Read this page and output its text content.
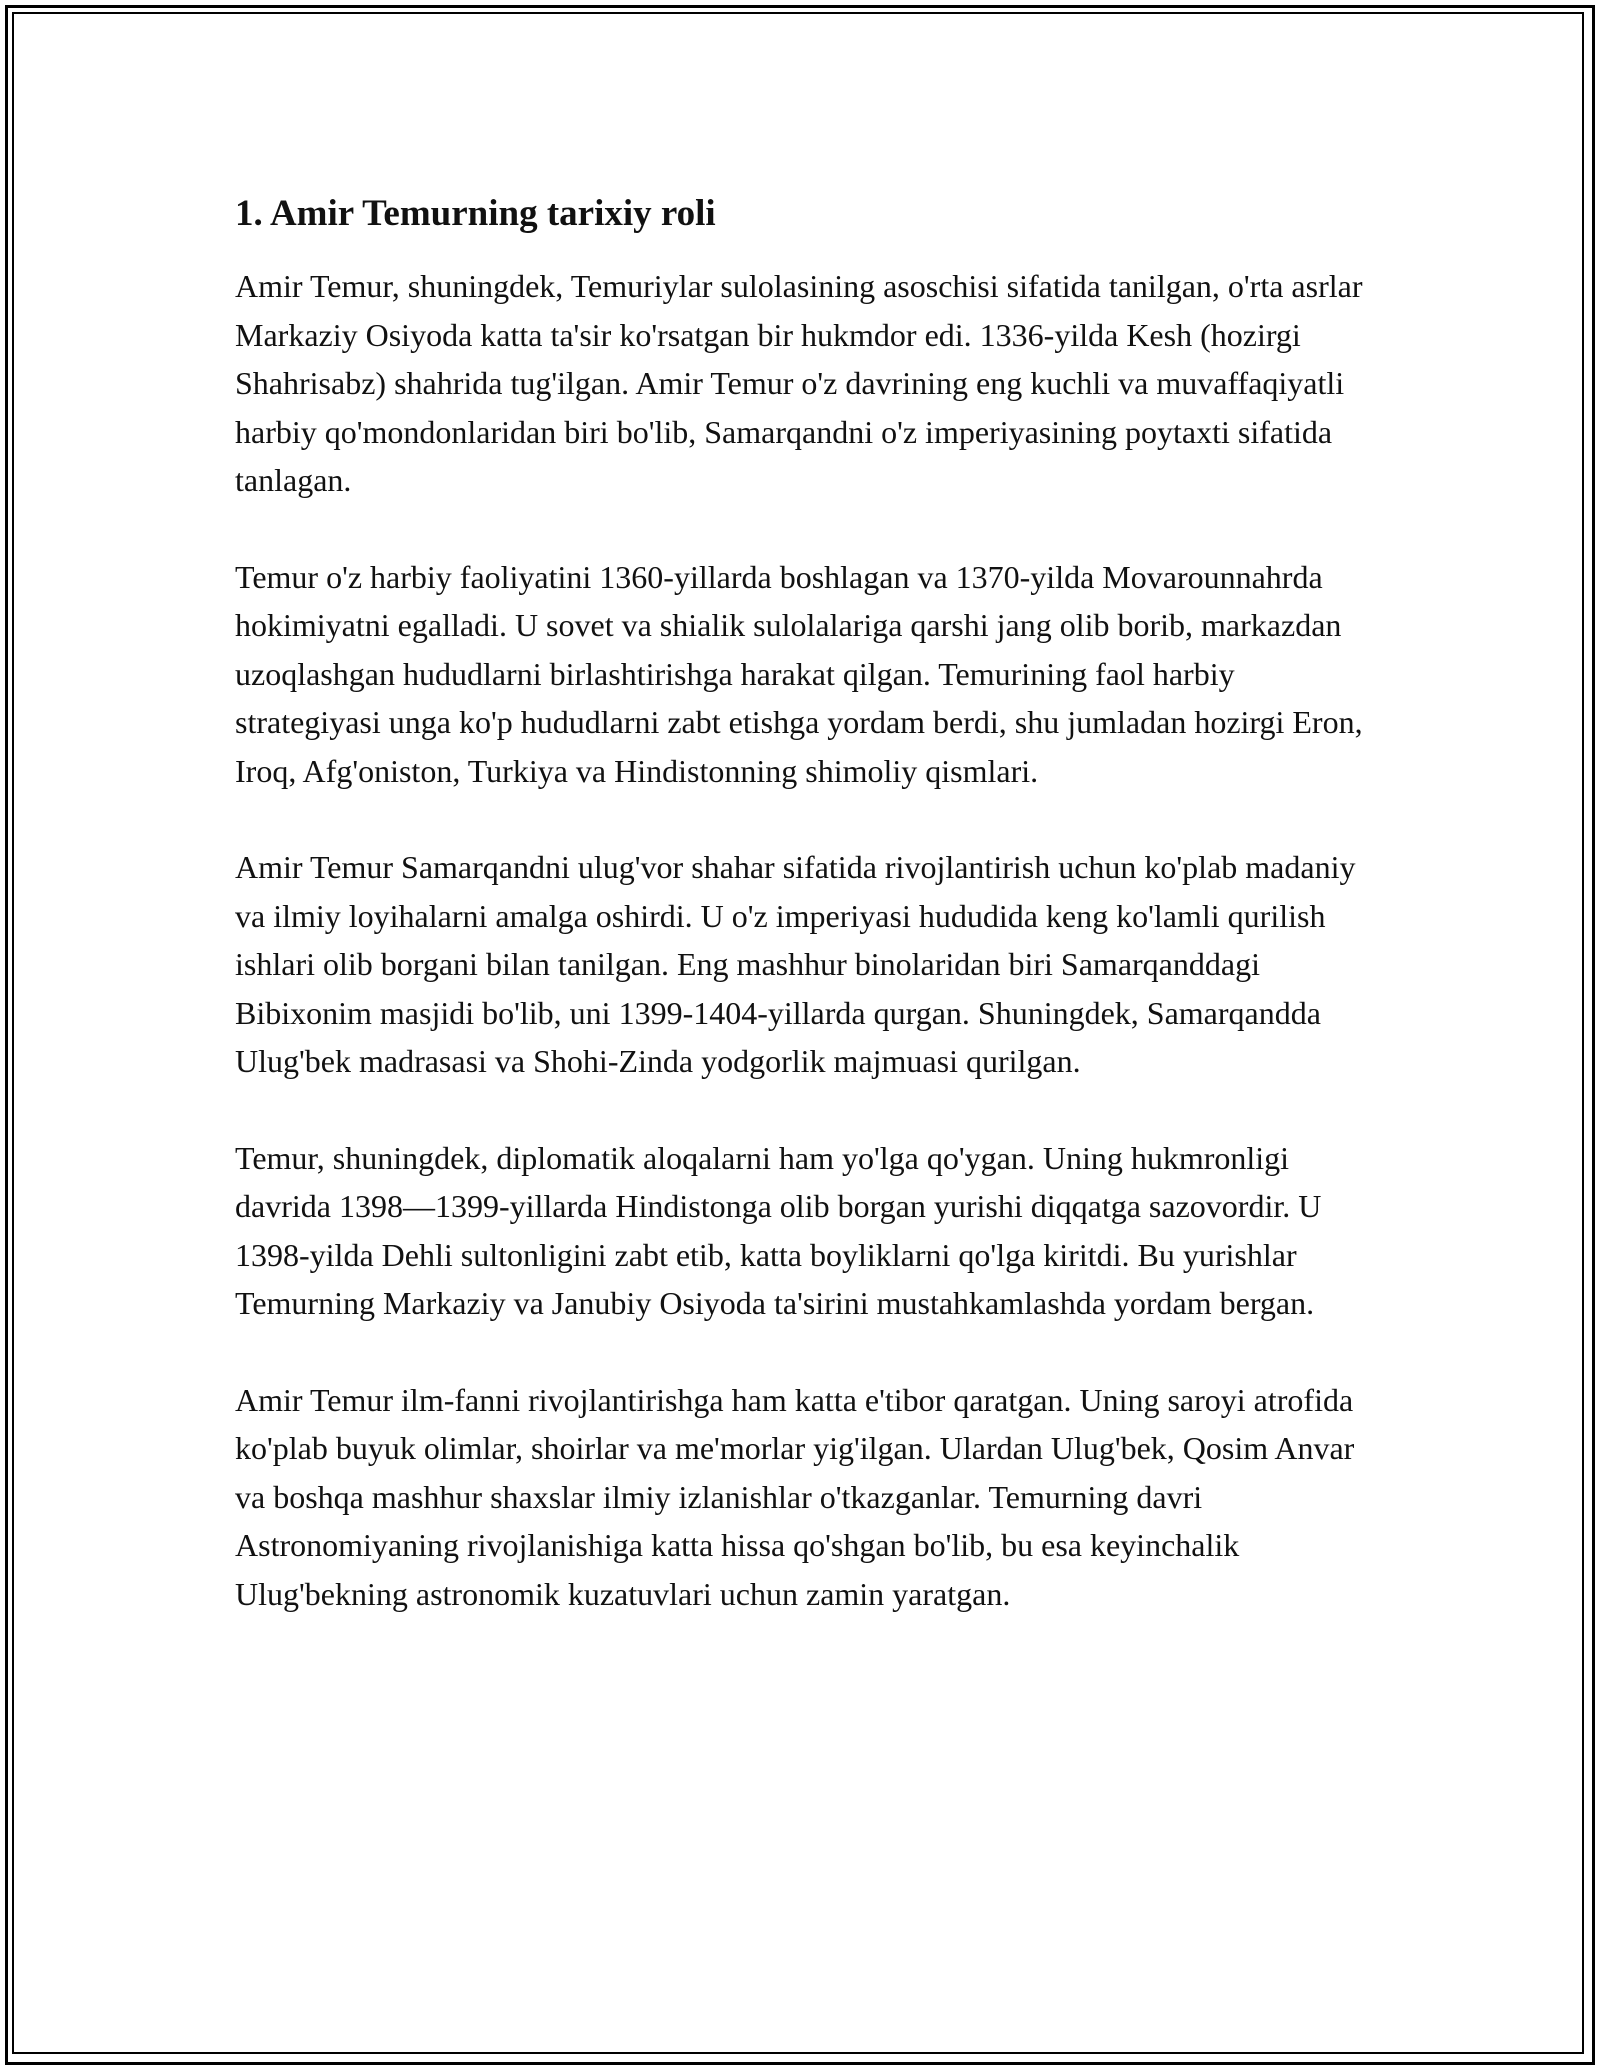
1. Amir Temurning tarixiy roli

Amir Temur, shuningdek, Temuriylar sulolasining asoschisi sifatida tanilgan, o'rta asrlar Markaziy Osiyoda katta ta'sir ko'rsatgan bir hukmdor edi. 1336-yilda Kesh (hozirgi Shahrisabz) shahrida tug'ilgan. Amir Temur o'z davrining eng kuchli va muvaffaqiyatli harbiy qo'mondonlaridan biri bo'lib, Samarqandni o'z imperiyasining poytaxti sifatida tanlagan.

Temur o'z harbiy faoliyatini 1360-yillarda boshlagan va 1370-yilda Movarounnahrda hokimiyatni egalladi. U sovet va shialik sulolalariga qarshi jang olib borib, markazdan uzoqlashgan hududlarni birlashtirishga harakat qilgan. Temurining faol harbiy strategiyasi unga ko'p hududlarni zabt etishga yordam berdi, shu jumladan hozirgi Eron, Iroq, Afg'oniston, Turkiya va Hindistonning shimoliy qismlari.

Amir Temur Samarqandni ulug'vor shahar sifatida rivojlantirish uchun ko'plab madaniy va ilmiy loyihalarni amalga oshirdi. U o'z imperiyasi hududida keng ko'lamli qurilish ishlari olib borgani bilan tanilgan. Eng mashhur binolaridan biri Samarqanddagi Bibixonim masjidi bo'lib, uni 1399-1404-yillarda qurgan. Shuningdek, Samarqandda Ulug'bek madrasasi va Shohi-Zinda yodgorlik majmuasi qurilgan.

Temur, shuningdek, diplomatik aloqalarni ham yo'lga qo'ygan. Uning hukmronligi davrida 1398—1399-yillarda Hindistonga olib borgan yurishi diqqatga sazovordir. U 1398-yilda Dehli sultonligini zabt etib, katta boyliklarni qo'lga kiritdi. Bu yurishlar Temurning Markaziy va Janubiy Osiyoda ta'sirini mustahkamlashda yordam bergan.

Amir Temur ilm-fanni rivojlantirishga ham katta e'tibor qaratgan. Uning saroyi atrofida ko'plab buyuk olimlar, shoirlar va me'morlar yig'ilgan. Ulardan Ulug'bek, Qosim Anvar va boshqa mashhur shaxslar ilmiy izlanishlar o'tkazganlar. Temurning davri Astronomiyaning rivojlanishiga katta hissa qo'shgan bo'lib, bu esa keyinchalik Ulug'bekning astronomik kuzatuvlari uchun zamin yaratgan.
